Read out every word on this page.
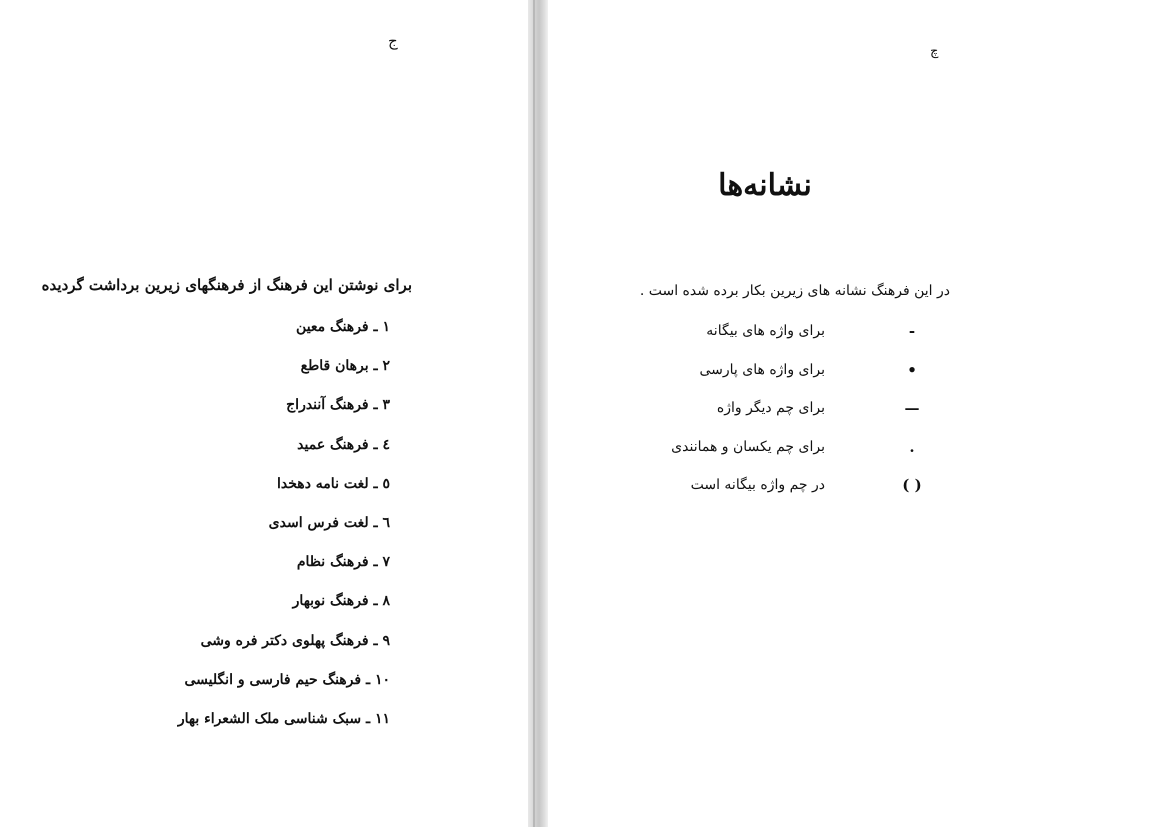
ج
برای نوشتن این فرهنگ از فرهنگهای زیرین برداشت گردیده
۱ ـ فرهنگ معین
۲ ـ برهان قاطع
۳ ـ فرهنگ آنندراج
٤ ـ فرهنگ عمید
٥ ـ لغت نامه دهخدا
٦ ـ لغت فرس اسدی
۷ ـ فرهنگ نظام
۸ ـ فرهنگ نوبهار
۹ ـ فرهنگ پهلوی دکتر فره وشی
۱۰ ـ فرهنگ حیم فارسی و انگلیسی
۱۱ ـ سبک شناسی ملک الشعراء بهار
چ
نشانه‌ها
در این فرهنگ نشانه های زیرین بکار برده شده است .
-
برای واژه های بیگانه
•
برای واژه های پارسی
—
برای چم دیگر واژه
.
برای چم یکسان و همانندی
( )
در چم واژه بیگانه است
